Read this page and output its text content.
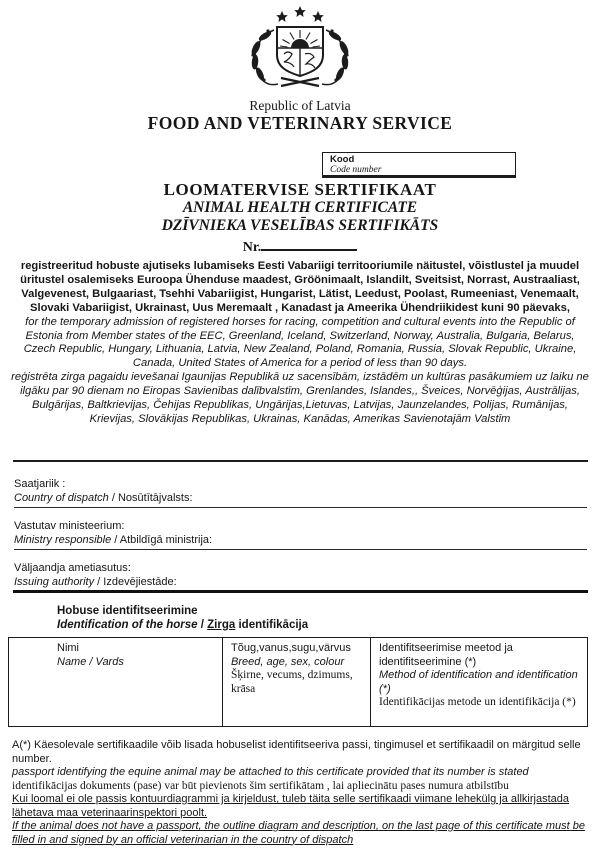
Republic of Latvia
FOOD AND VETERINARY SERVICE
Kood
Code number
LOOMATERVISE SERTIFIKAAT
ANIMAL HEALTH CERTIFICATE
DZĪVNIEKA VESELĪBAS SERTIFIKĀTS
Nr.

registreeritud hobuste ajutiseks lubamiseks Eesti Vabariigi territooriumile näitustel, võistlustel ja muudel üritustel osalemiseks Euroopa Ühenduse maadest, Gröönimaalt, Islandilt, Sveitsist, Norrast, Austraaliast, Valgevenest, Bulgaariast, Tsehhi Vabariigist, Hungarist, Lätist, Leedust, Poolast, Rumeeniast, Venemaalt, Slovaki Vabariigist, Ukrainast, Uus Meremaalt , Kanadast ja Ameerika Ühendriikidest kuni 90 päevaks,

for the temporary admission of registered horses for racing, competition and cultural events into the Republic of Estonia from Member states of the EEC, Greenland, Iceland, Switzerland, Norway, Australia, Bulgaria, Belarus, Czech Republic, Hungary, Lithuania, Latvia, New Zealand, Poland, Romania, Russia, Slovak Republic, Ukraine, Canada, United States of America for a period of less than 90 days.

reģistrēta zirga pagaidu ievešanai Igaunijas Republikā uz sacensībām, izstādēm un kultūras pasākumiem uz laiku ne ilgāku par 90 dienam no Eiropas Savienības dalībvalstīm, Grenlandes, Islandes,, Šveices, Norvēģijas, Austrālijas, Bulgārijas, Baltkrievijas, Čehijas Republikas, Ungārijas,Lietuvas, Latvijas, Jaunzelandes, Polijas, Rumānijas, Krievijas, Slovākijas Republikas, Ukrainas, Kanādas, Amerikas Savienotajām Valstīm

Saatjariik :
Country of dispatch / Nosūtītājvalsts:
Vastutav ministeerium:
Ministry responsible / Atbildīgā ministrija:
Väljaandja ametiasutus:
Issuing authority / Izdevējiestāde:
Hobuse identifitseerimine
Identification of the horse / Zirga identifikācija
Nimi
Name / Vards

Tõug,vanus,sugu,värvus
Breed, age, sex, colour
Šķirne, vecums, dzimums, krāsa

Identifitseerimise meetod ja identifitseerimine (*)
Method of identification and identification (*)
Identifikācijas metode un identifikācija (*)

A(*) Käesolevale sertifikaadile võib lisada hobuselist identifitseeriva passi, tingimusel et sertifikaadil on märgitud selle number.

passport identifying the equine animal may be attached to this certificate provided that its number is stated

identifikācijas dokuments (pase) var būt pievienots šim sertifikātam , lai apliecinātu pases numura atbilstību

Kui loomal ei ole passis kontuurdiagrammi ja kirjeldust, tuleb täita selle sertifikaadi viimane lehekülg ja allkirjastada lähetava maa veterinaarinspektori poolt.

If the animal does not have a passport, the outline diagram and description, on the last page of this certificate must be filled in and signed by an official veterinarian in the country of dispatch
